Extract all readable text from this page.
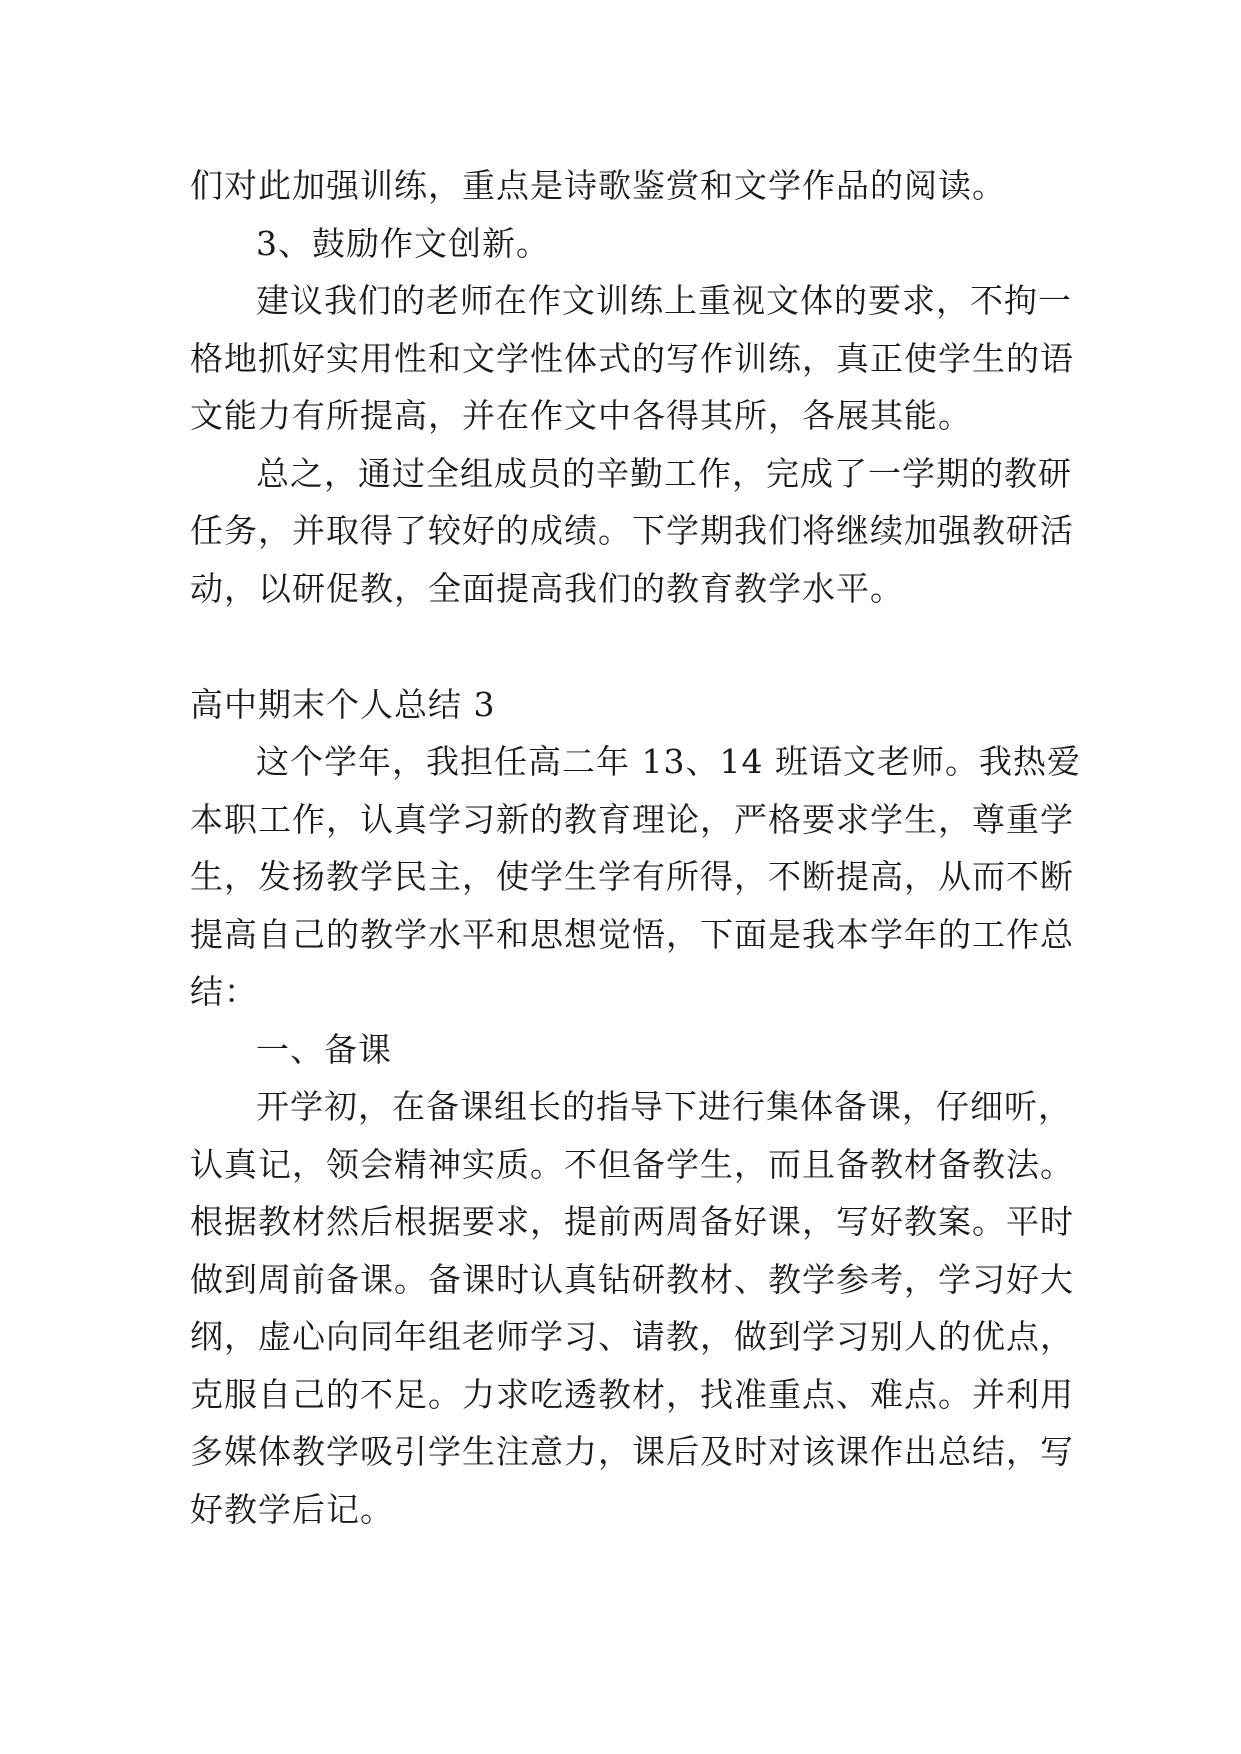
们对此加强训练，重点是诗歌鉴赏和文学作品的阅读。
3、鼓励作文创新。
建议我们的老师在作文训练上重视文体的要求，不拘一
格地抓好实用性和文学性体式的写作训练，真正使学生的语
文能力有所提高，并在作文中各得其所，各展其能。
总之，通过全组成员的辛勤工作，完成了一学期的教研
任务，并取得了较好的成绩。下学期我们将继续加强教研活
动，以研促教，全面提高我们的教育教学水平。
高中期末个人总结 3
这个学年，我担任高二年 13、14 班语文老师。我热爱
本职工作，认真学习新的教育理论，严格要求学生，尊重学
生，发扬教学民主，使学生学有所得，不断提高，从而不断
提高自己的教学水平和思想觉悟，下面是我本学年的工作总
结：
一、备课
开学初，在备课组长的指导下进行集体备课，仔细听，
认真记，领会精神实质。不但备学生，而且备教材备教法。
根据教材然后根据要求，提前两周备好课，写好教案。平时
做到周前备课。备课时认真钻研教材、教学参考，学习好大
纲，虚心向同年组老师学习、请教，做到学习别人的优点，
克服自己的不足。力求吃透教材，找准重点、难点。并利用
多媒体教学吸引学生注意力，课后及时对该课作出总结，写
好教学后记。
